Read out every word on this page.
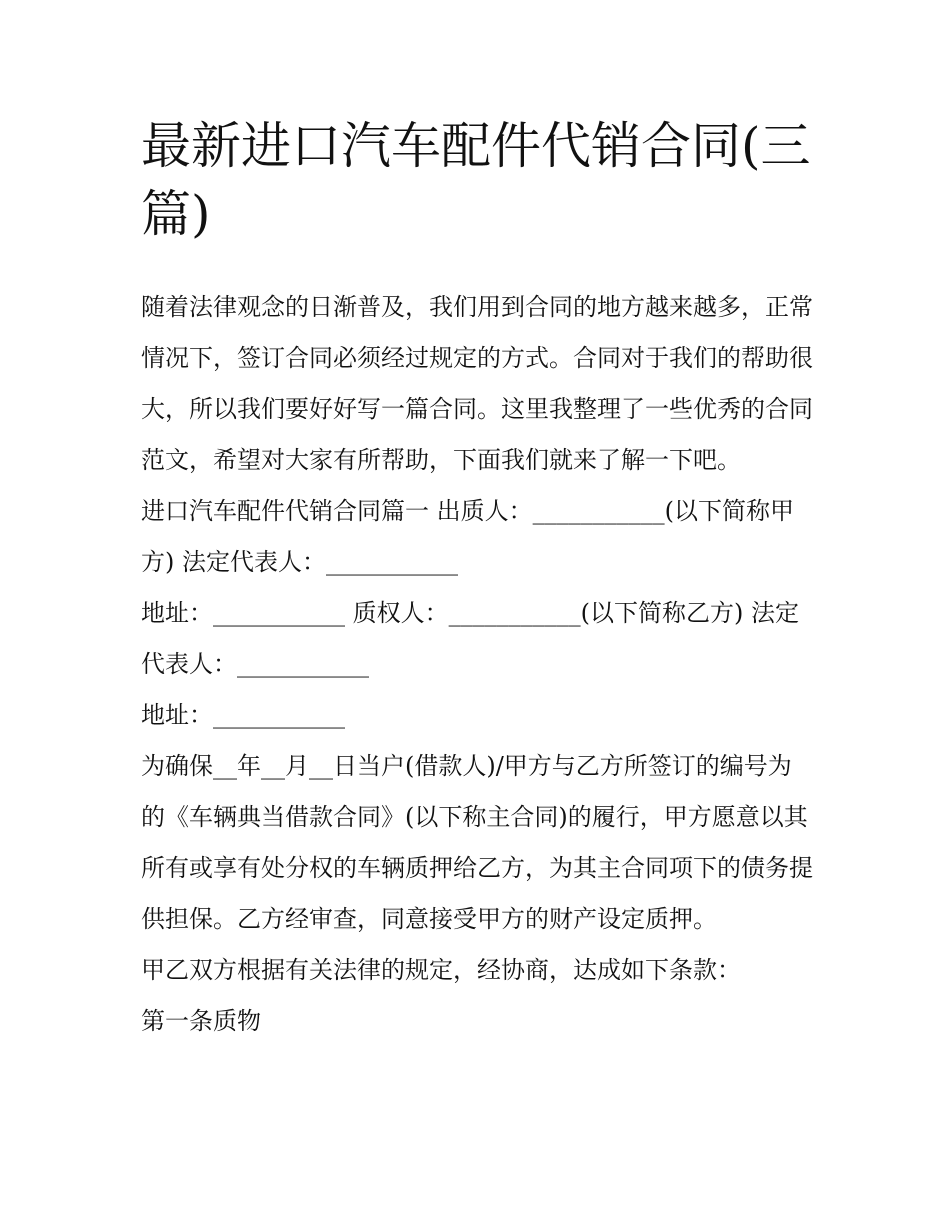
最新进口汽车配件代销合同(三篇)

随着法律观念的日渐普及，我们用到合同的地方越来越多，正常情况下，签订合同必须经过规定的方式。合同对于我们的帮助很大，所以我们要好好写一篇合同。这里我整理了一些优秀的合同范文，希望对大家有所帮助，下面我们就来了解一下吧。

进口汽车配件代销合同篇一 出质人：___________(以下简称甲方) 法定代表人：___________

地址：___________ 质权人：___________(以下简称乙方) 法定代表人：___________

地址：___________

为确保__年__月__日当户(借款人)/甲方与乙方所签订的编号为的《车辆典当借款合同》(以下称主合同)的履行，甲方愿意以其所有或享有处分权的车辆质押给乙方，为其主合同项下的债务提供担保。乙方经审查，同意接受甲方的财产设定质押。

甲乙双方根据有关法律的规定，经协商，达成如下条款：

第一条质物
